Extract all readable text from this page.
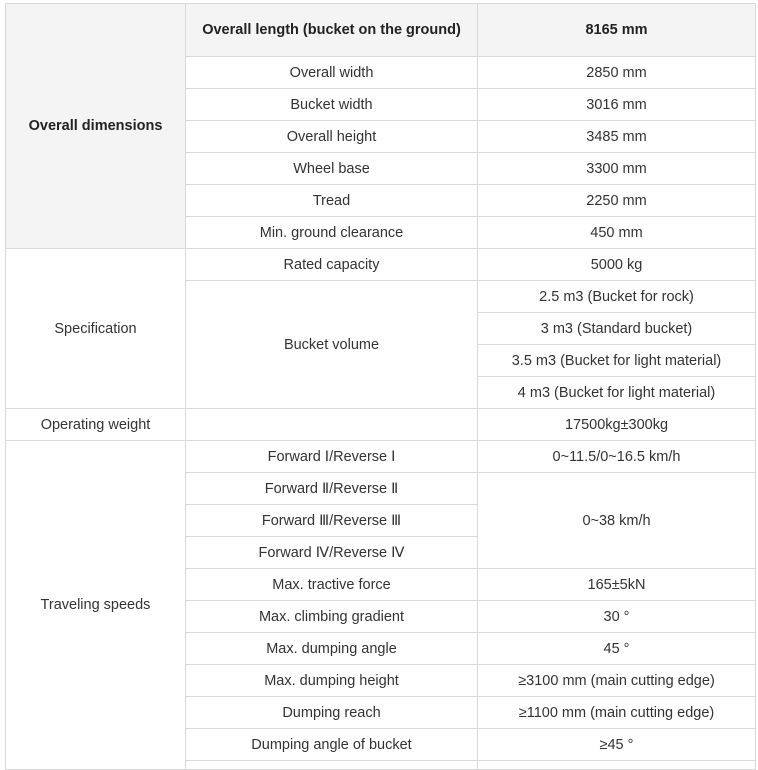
Overall dimensions	Overall length (bucket on the ground)	8165 mm
	Overall width	2850 mm
	Bucket width	3016 mm
	Overall height	3485 mm
	Wheel base	3300 mm
	Tread	2250 mm
	Min. ground clearance	450 mm
Specification	Rated capacity	5000 kg
	Bucket volume	2.5 m3 (Bucket for rock)
		3 m3 (Standard bucket)
		3.5 m3 (Bucket for light material)
		4 m3 (Bucket for light material)
Operating weight		17500kg±300kg
Traveling speeds	Forward Ⅰ/Reverse Ⅰ	0~11.5/0~16.5 km/h
	Forward Ⅱ/Reverse Ⅱ	0~38 km/h
	Forward Ⅲ/Reverse Ⅲ	
	Forward Ⅳ/Reverse Ⅳ	
	Max. tractive force	165±5kN
	Max. climbing gradient	30 °
	Max. dumping angle	45 °
	Max. dumping height	≥3100 mm (main cutting edge)
	Dumping reach	≥1100 mm (main cutting edge)
	Dumping angle of bucket	≥45 °
